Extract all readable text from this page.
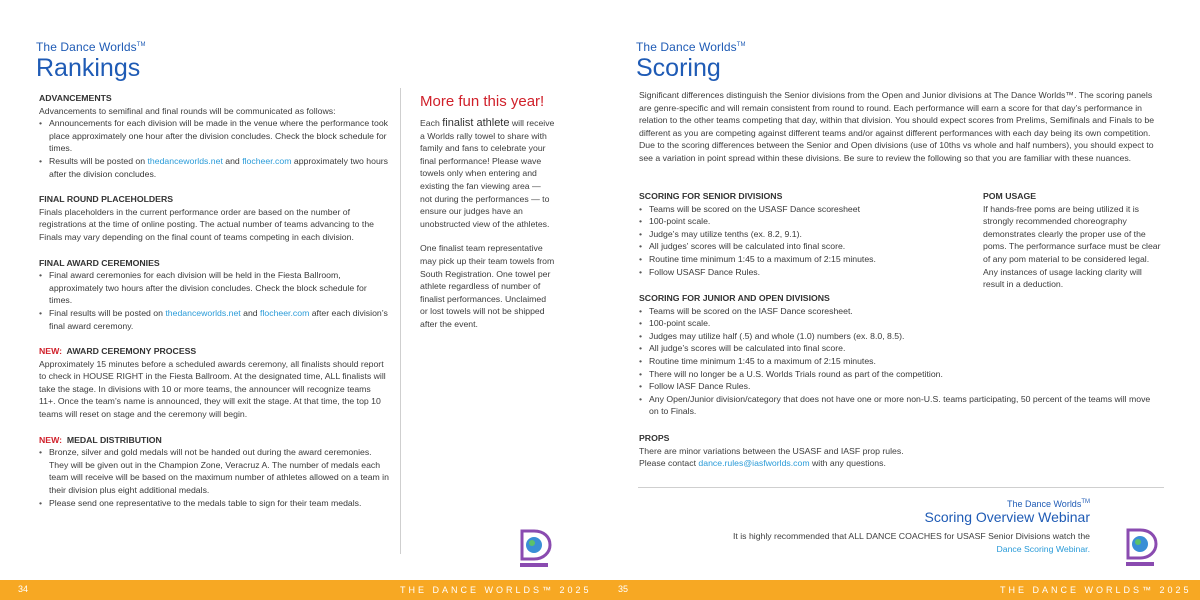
The Dance Worlds™
Rankings
ADVANCEMENTS
Advancements to semifinal and final rounds will be communicated as follows:
• Announcements for each division will be made in the venue where the performance took place approximately one hour after the division concludes. Check the block schedule for times.
• Results will be posted on thedanceworlds.net and flocheer.com approximately two hours after the division concludes.
FINAL ROUND PLACEHOLDERS
Finals placeholders in the current performance order are based on the number of registrations at the time of online posting. The actual number of teams advancing to the Finals may vary depending on the final count of teams competing in each division.
FINAL AWARD CEREMONIES
• Final award ceremonies for each division will be held in the Fiesta Ballroom, approximately two hours after the division concludes. Check the block schedule for times.
• Final results will be posted on thedanceworlds.net and flocheer.com after each division’s final award ceremony.
NEW: AWARD CEREMONY PROCESS
Approximately 15 minutes before a scheduled awards ceremony, all finalists should report to check in HOUSE RIGHT in the Fiesta Ballroom. At the designated time, ALL finalists will take the stage. In divisions with 10 or more teams, the announcer will recognize teams 11+. Once the team’s name is announced, they will exit the stage. At that time, the top 10 teams will reset on stage and the ceremony will begin.
NEW: MEDAL DISTRIBUTION
• Bronze, silver and gold medals will not be handed out during the award ceremonies. They will be given out in the Champion Zone, Veracruz A. The number of medals each team will receive will be based on the maximum number of athletes allowed on a team in their division plus eight additional medals.
• Please send one representative to the medals table to sign for their team medals.
More fun this year!
Each finalist athlete will receive a Worlds rally towel to share with family and fans to celebrate your final performance! Please wave towels only when entering and existing the fan viewing area — not during the performances — to ensure our judges have an unobstructed view of the athletes.
One finalist team representative may pick up their team towels from South Registration. One towel per athlete regardless of number of finalist performances. Unclaimed or lost towels will not be shipped after the event.
34	THE DANCE WORLDS™ 2025
The Dance Worlds™
Scoring
Significant differences distinguish the Senior divisions from the Open and Junior divisions at The Dance Worlds™. The scoring panels are genre-specific and will remain consistent from round to round. Each performance will earn a score for that day’s performance in relation to the other teams competing that day, within that division. You should expect scores from Prelims, Semifinals and Finals to be different as you are competing against different teams and/or against different performances with each day being its own competition. Due to the scoring differences between the Senior and Open divisions (use of 10ths vs whole and half numbers), you should expect to see a variation in point spread within these divisions. Be sure to review the following so that you are familiar with these nuances.
SCORING FOR SENIOR DIVISIONS
• Teams will be scored on the USASF Dance scoresheet
• 100-point scale.
• Judge’s may utilize tenths (ex. 8.2, 9.1).
• All judges’ scores will be calculated into final score.
• Routine time minimum 1:45 to a maximum of 2:15 minutes.
• Follow USASF Dance Rules.
POM USAGE
If hands-free poms are being utilized it is strongly recommended choreography demonstrates clearly the proper use of the poms. The performance surface must be clear of any pom material to be considered legal. Any instances of usage lacking clarity will result in a deduction.
SCORING FOR JUNIOR AND OPEN DIVISIONS
• Teams will be scored on the IASF Dance scoresheet.
• 100-point scale.
• Judges may utilize half (.5) and whole (1.0) numbers (ex. 8.0, 8.5).
• All judge’s scores will be calculated into final score.
• Routine time minimum 1:45 to a maximum of 2:15 minutes.
• There will no longer be a U.S. Worlds Trials round as part of the competition.
• Follow IASF Dance Rules.
• Any Open/Junior division/category that does not have one or more non-U.S. teams participating, 50 percent of the teams will move on to Finals.
PROPS
There are minor variations between the USASF and IASF prop rules.
Please contact dance.rules@iasfworlds.com with any questions.
The Dance Worlds™
Scoring Overview Webinar
It is highly recommended that ALL DANCE COACHES for USASF Senior Divisions watch the
Dance Scoring Webinar.
35	THE DANCE WORLDS™ 2025
